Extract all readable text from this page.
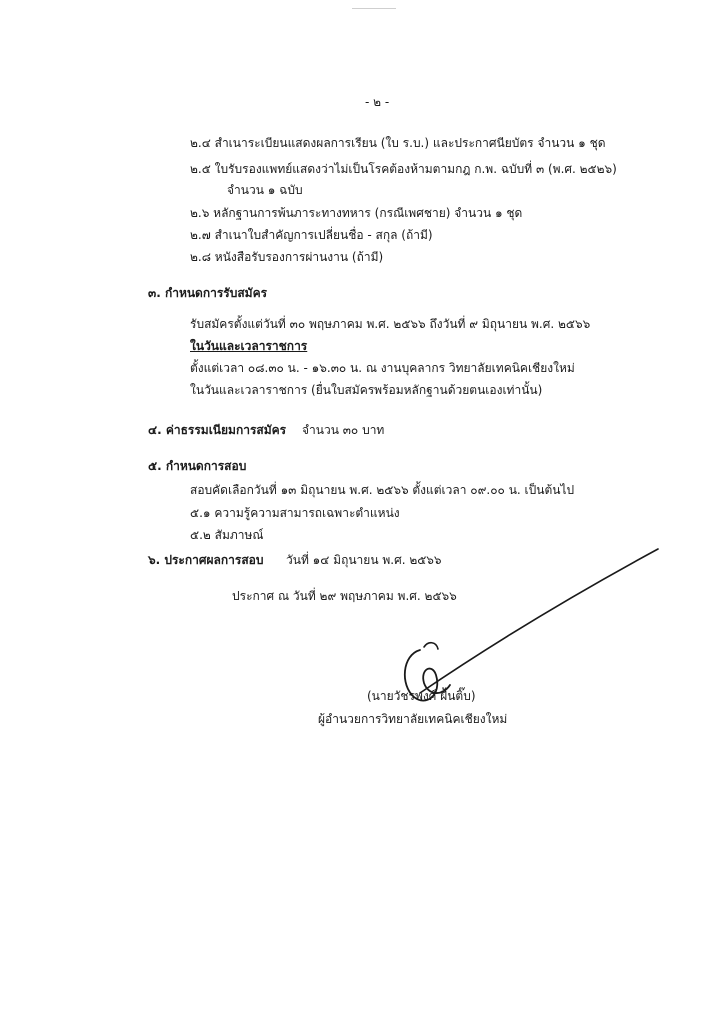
- ๒ -
๒.๔ สำเนาระเบียนแสดงผลการเรียน (ใบ ร.บ.) และประกาศนียบัตร จำนวน ๑ ชุด
๒.๕ ใบรับรองแพทย์แสดงว่าไม่เป็นโรคต้องห้ามตามกฎ ก.พ. ฉบับที่ ๓ (พ.ศ. ๒๕๒๖)
จำนวน ๑ ฉบับ
๒.๖ หลักฐานการพ้นภาระทางทหาร (กรณีเพศชาย) จำนวน ๑ ชุด
๒.๗ สำเนาใบสำคัญการเปลี่ยนชื่อ - สกุล (ถ้ามี)
๒.๘ หนังสือรับรองการผ่านงาน (ถ้ามี)
๓. กำหนดการรับสมัคร
รับสมัครตั้งแต่วันที่ ๓๐ พฤษภาคม พ.ศ. ๒๕๖๖ ถึงวันที่ ๙ มิถุนายน พ.ศ. ๒๕๖๖
ในวันและเวลาราชการ
ตั้งแต่เวลา ๐๘.๓๐ น. - ๑๖.๓๐ น. ณ งานบุคลากร วิทยาลัยเทคนิคเชียงใหม่
ในวันและเวลาราชการ (ยื่นใบสมัครพร้อมหลักฐานด้วยตนเองเท่านั้น)
๔. ค่าธรรมเนียมการสมัคร จำนวน ๓๐ บาท
๕. กำหนดการสอบ
สอบคัดเลือกวันที่ ๑๓ มิถุนายน พ.ศ. ๒๕๖๖ ตั้งแต่เวลา ๐๙.๐๐ น. เป็นต้นไป
๕.๑ ความรู้ความสามารถเฉพาะตำแหน่ง
๕.๒ สัมภาษณ์
๖. ประกาศผลการสอบ วันที่ ๑๔ มิถุนายน พ.ศ. ๒๕๖๖
ประกาศ ณ วันที่ ๒๙ พฤษภาคม พ.ศ. ๒๕๖๖
(นายวัชรพงศ์ ฝั้นติ๊บ)
ผู้อำนวยการวิทยาลัยเทคนิคเชียงใหม่
